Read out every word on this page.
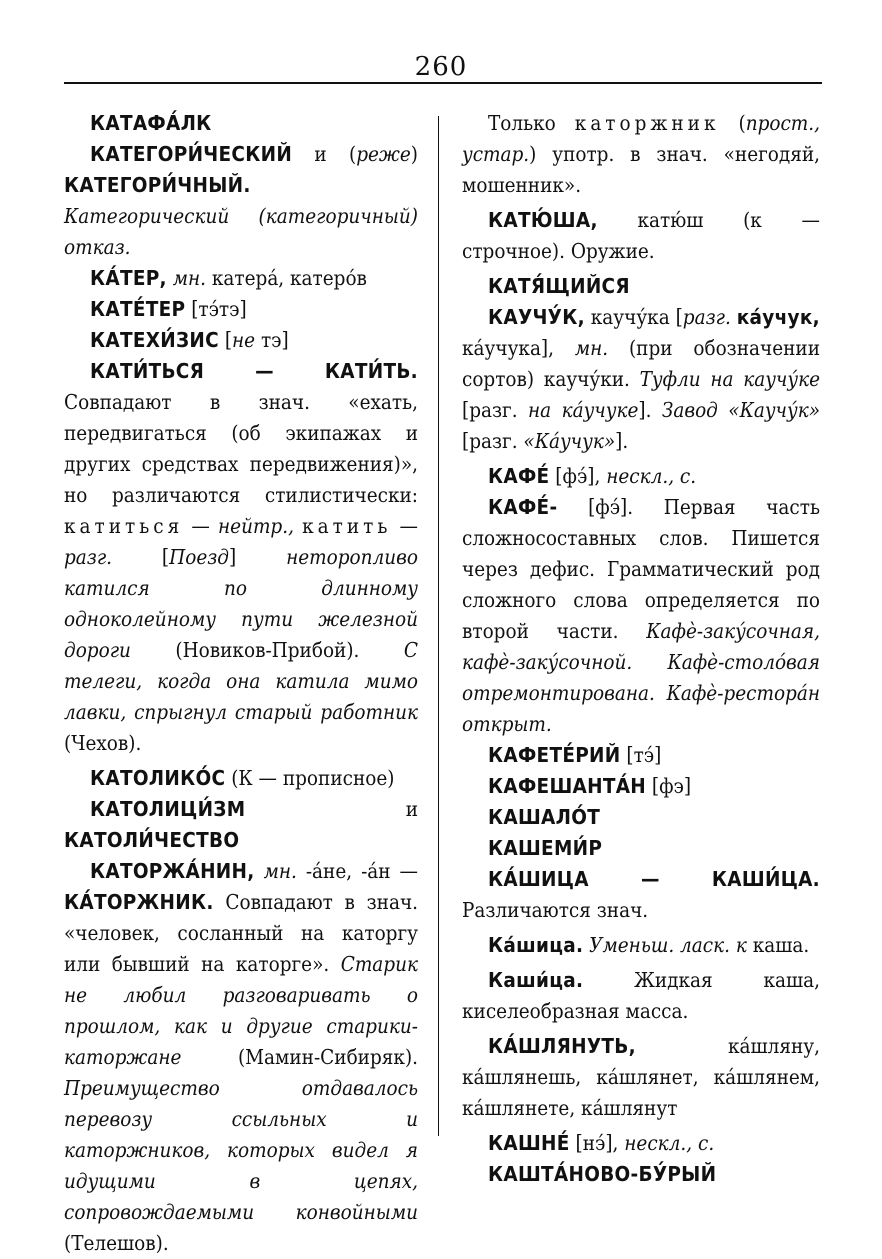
260

КАТАФА́ЛК

КАТЕГОРИ́ЧЕСКИЙ и (реже) КАТЕГОРИ́ЧНЫЙ. Категорический (категоричный) отказ.

КА́ТЕР, мн. катера́, катеро́в

КАТЕ́ТЕР [тэ́тэ]

КАТЕХИ́ЗИС [не тэ]

КАТИ́ТЬСЯ — КАТИ́ТЬ. Совпадают в знач. «ехать, передвигаться (об экипажах и других средствах передвижения)», но различаются стилистически: катиться — нейтр., катить — разг. [Поезд] неторопливо катился по длинному одноколейному пути железной дороги (Новиков-Прибой). С телеги, когда она катила мимо лавки, спрыгнул старый работник (Чехов).

КАТОЛИКО́С (К — прописное)

КАТОЛИЦИ́ЗМ и КАТОЛИ́ЧЕСТВО

КАТОРЖА́НИН, мн. -а́не, -а́н — КА́ТОРЖНИК. Совпадают в знач. «человек, сосланный на каторгу или бывший на каторге». Старик не любил разговаривать о прошлом, как и другие старики-каторжане (Мамин-Сибиряк). Преимущество отдавалось перевозу ссыльных и каторжников, которых видел я идущими в цепях, сопровождаемыми конвойными (Телешов).

Только каторжник (прост., устар.) употр. в знач. «негодяй, мошенник».

КАТЮ́ША, катю́ш (к — строчное). Оружие.

КАТЯ́ЩИЙСЯ

КАУЧУ́К, каучу́ка [разг. ка́учук, ка́учука], мн. (при обозначении сортов) каучу́ки. Туфли на каучу́ке [разг. на ка́учуке]. Завод «Каучу́к» [разг. «Ка́учук»].

КАФЕ́ [фэ́], нескл., с.

КАФЕ́- [фэ́]. Первая часть сложносоставных слов. Пишется через дефис. Грамматический род сложного слова определяется по второй части. Кафѐ-заку́сочная, кафѐ-заку́сочной. Кафѐ-столо́вая отремонтирована. Кафѐ-рестора́н открыт.

КАФЕТЕ́РИЙ [тэ́]

КАФЕШАНТА́Н [фэ]

КАШАЛО́Т

КАШЕМИ́Р

КА́ШИЦА — КАШИ́ЦА. Различаются знач.

Ка́шица. Уменьш. ласк. к каша.

Каши́ца. Жидкая каша, киселеобразная масса.

КА́ШЛЯНУТЬ, ка́шляну, ка́шлянешь, ка́шлянет, ка́шлянем, ка́шлянете, ка́шлянут

КАШНЕ́ [нэ́], нескл., с.

КАШТА́НОВО-БУ́РЫЙ
